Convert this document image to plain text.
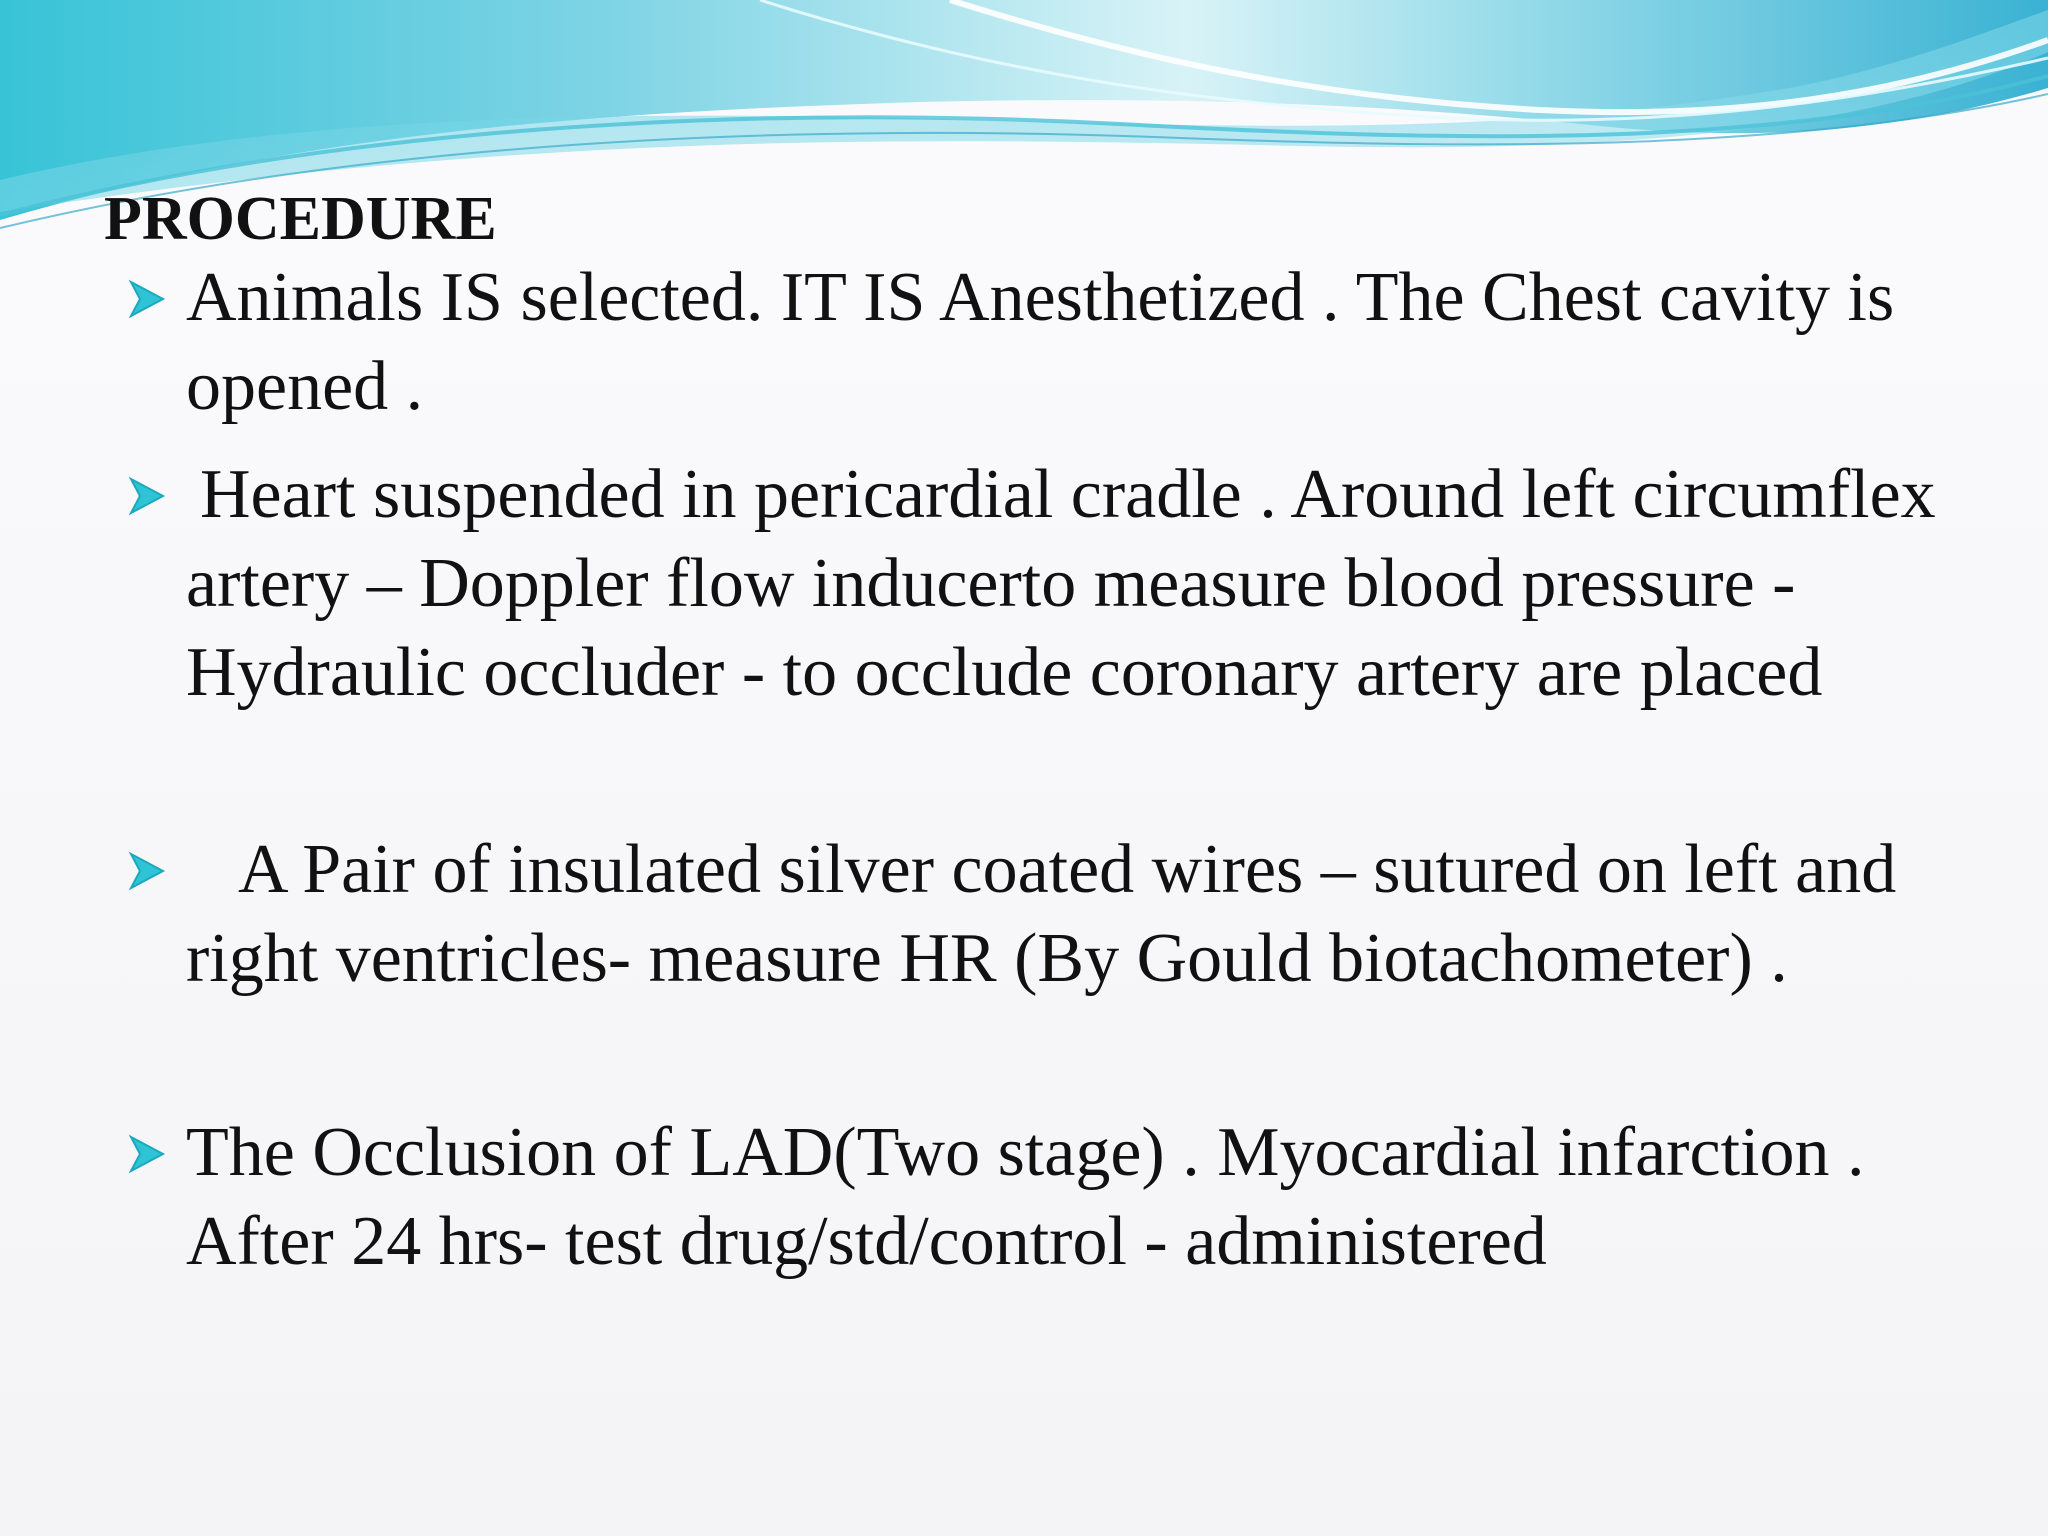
PROCEDURE
Animals IS selected. IT IS Anesthetized . The Chest cavity is opened .
Heart suspended in pericardial cradle . Around left circumflex artery – Doppler flow inducerto measure blood pressure - Hydraulic occluder - to occlude coronary artery are placed
A Pair of insulated silver coated wires – sutured on left and right ventricles- measure HR (By Gould biotachometer) .
The Occlusion of LAD(Two stage) . Myocardial infarction . After 24 hrs- test drug/std/control - administered
